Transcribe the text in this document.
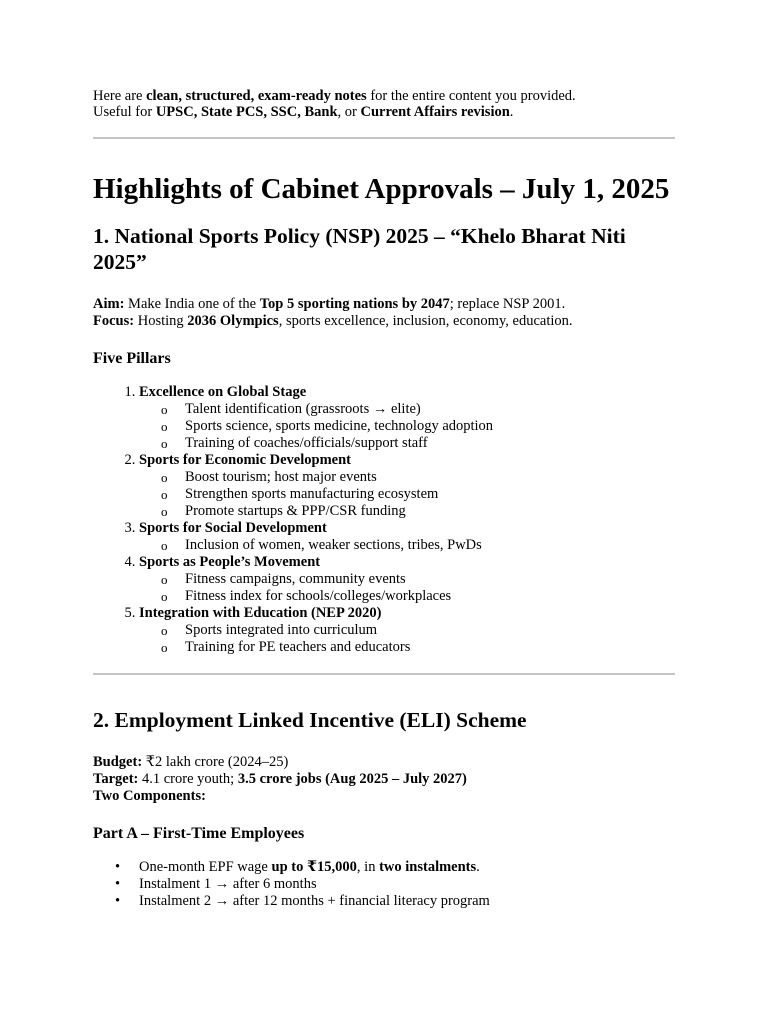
Here are clean, structured, exam-ready notes for the entire content you provided.

Useful for UPSC, State PCS, SSC, Bank, or Current Affairs revision.

Highlights of Cabinet Approvals – July 1, 2025
1. National Sports Policy (NSP) 2025 – “Khelo Bharat Niti 2025”

Aim: Make India one of the Top 5 sporting nations by 2047; replace NSP 2001.

Focus: Hosting 2036 Olympics, sports excellence, inclusion, economy, education.

Five Pillars
1. Excellence on Global Stage
o Talent identification (grassroots → elite)
o Sports science, sports medicine, technology adoption
o Training of coaches/officials/support staff
2. Sports for Economic Development
o Boost tourism; host major events
o Strengthen sports manufacturing ecosystem
o Promote startups & PPP/CSR funding
3. Sports for Social Development
o Inclusion of women, weaker sections, tribes, PwDs
4. Sports as People’s Movement
o Fitness campaigns, community events
o Fitness index for schools/colleges/workplaces
5. Integration with Education (NEP 2020)
o Sports integrated into curriculum
o Training for PE teachers and educators
2. Employment Linked Incentive (ELI) Scheme

Budget: ₹2 lakh crore (2024–25)

Target: 4.1 crore youth; 3.5 crore jobs (Aug 2025 – July 2027)

Two Components:

Part A – First-Time Employees
• One-month EPF wage up to ₹15,000, in two instalments.
• Instalment 1 → after 6 months
• Instalment 2 → after 12 months + financial literacy program
